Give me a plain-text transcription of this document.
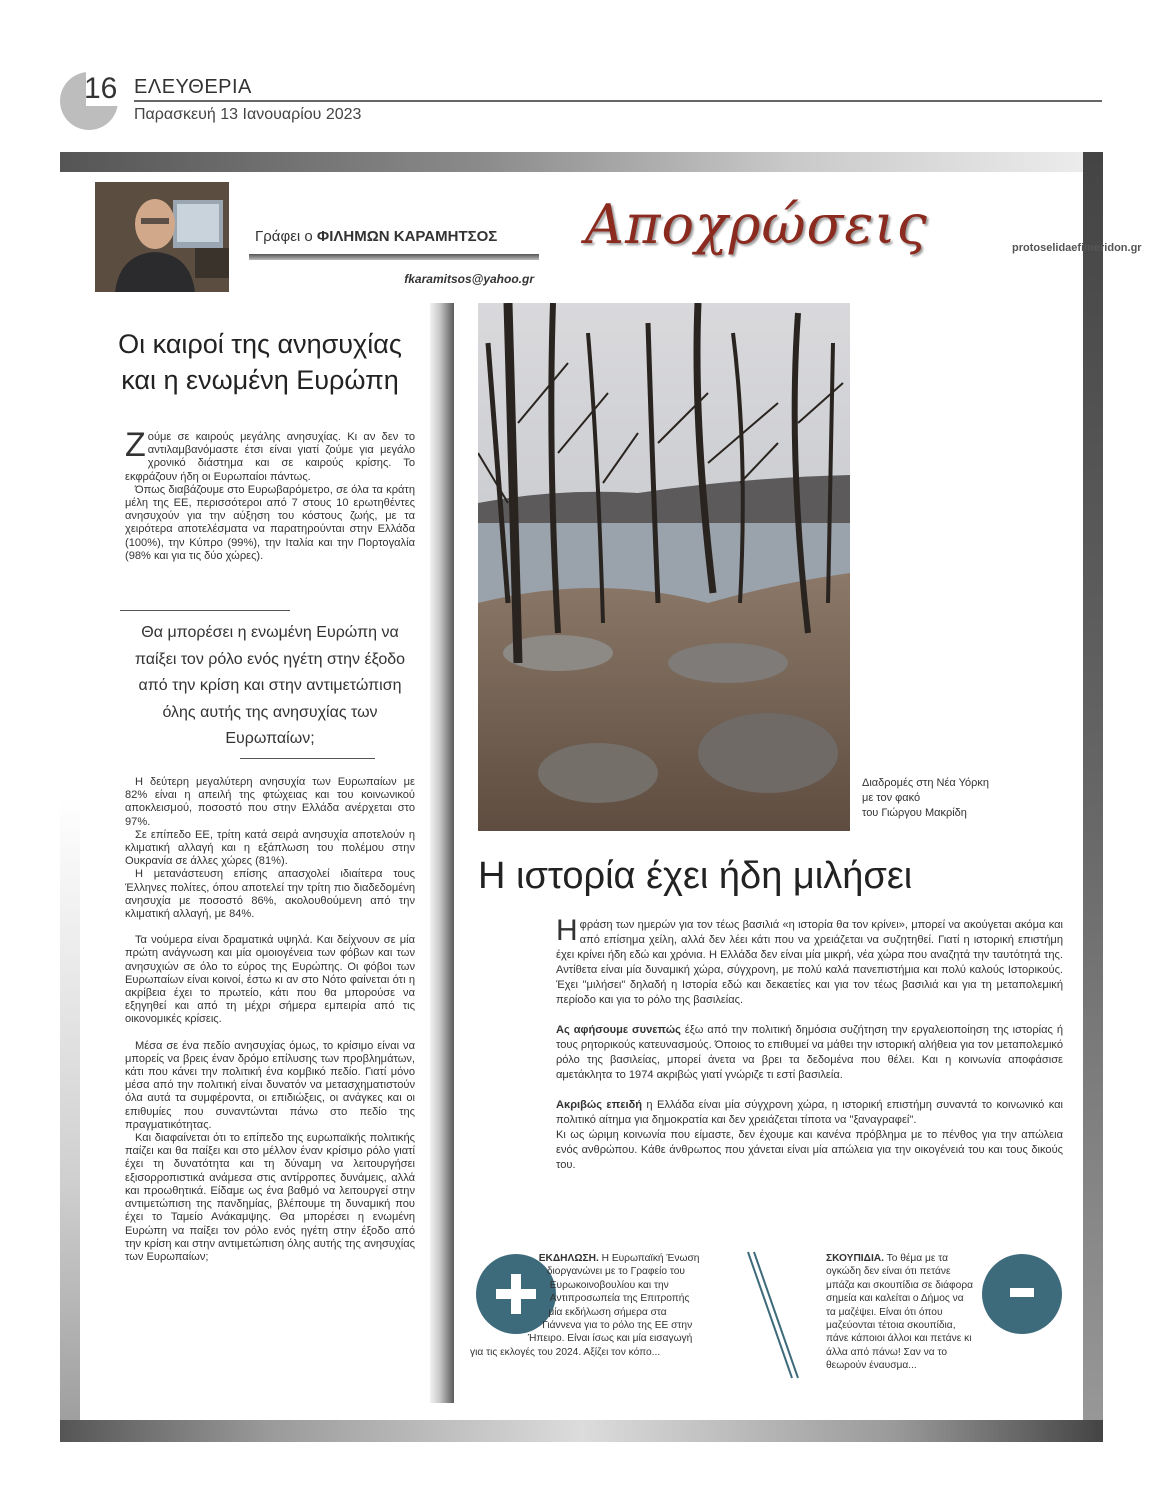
16 ΕΛΕΥΘΕΡΙΑ
Παρασκευή 13 Ιανουαρίου 2023
Γράφει ο ΦΙΛΗΜΩΝ ΚΑΡΑΜΗΤΣΟΣ
fkaramitsos@yahoo.gr
Αποχρώσεις	protoselidaefimeridon.gr
Οι καιροί της ανησυχίας
και η ενωμένη Ευρώπη

Ζούμε σε καιρούς μεγάλης ανησυχίας. Κι αν δεν το αντιλαμβανόμαστε έτσι είναι γιατί ζούμε για μεγάλο χρονικό διάστημα και σε καιρούς κρίσης. Το εκφράζουν ήδη οι Ευρωπαίοι πάντως.

Όπως διαβάζουμε στο Ευρωβαρόμετρο, σε όλα τα κράτη μέλη της ΕΕ, περισσότεροι από 7 στους 10 ερωτηθέντες ανησυχούν για την αύξηση του κόστους ζωής, με τα χειρότερα αποτελέσματα να παρατηρούνται στην Ελλάδα (100%), την Κύπρο (99%), την Ιταλία και την Πορτογαλία (98% και για τις δύο χώρες).

Θα μπορέσει η ενωμένη Ευρώπη να παίξει τον ρόλο ενός ηγέτη στην έξοδο από την κρίση και στην αντιμετώπιση όλης αυτής της ανησυχίας των Ευρωπαίων;

Η δεύτερη μεγαλύτερη ανησυχία των Ευρωπαίων με 82% είναι η απειλή της φτώχειας και του κοινωνικού αποκλεισμού, ποσοστό που στην Ελλάδα ανέρχεται στο 97%.

Σε επίπεδο ΕΕ, τρίτη κατά σειρά ανησυχία αποτελούν η κλιματική αλλαγή και η εξάπλωση του πολέμου στην Ουκρανία σε άλλες χώρες (81%).

Η μετανάστευση επίσης απασχολεί ιδιαίτερα τους Έλληνες πολίτες, όπου αποτελεί την τρίτη πιο διαδεδομένη ανησυχία με ποσοστό 86%, ακολουθούμενη από την κλιματική αλλαγή, με 84%.

Τα νούμερα είναι δραματικά υψηλά. Και δείχνουν σε μία πρώτη ανάγνωση και μία ομοιογένεια των φόβων και των ανησυχιών σε όλο το εύρος της Ευρώπης. Οι φόβοι των Ευρωπαίων είναι κοινοί, έστω κι αν στο Νότο φαίνεται ότι η ακρίβεια έχει το πρωτείο, κάτι που θα μπορούσε να εξηγηθεί και από τη μέχρι σήμερα εμπειρία από τις οικονομικές κρίσεις.

Μέσα σε ένα πεδίο ανησυχίας όμως, το κρίσιμο είναι να μπορείς να βρεις έναν δρόμο επίλυσης των προβλημάτων, κάτι που κάνει την πολιτική ένα κομβικό πεδίο. Γιατί μόνο μέσα από την πολιτική είναι δυνατόν να μετασχηματιστούν όλα αυτά τα συμφέροντα, οι επιδιώξεις, οι ανάγκες και οι επιθυμίες που συναντώνται πάνω στο πεδίο της πραγματικότητας.

Και διαφαίνεται ότι το επίπεδο της ευρωπαϊκής πολιτικής παίζει και θα παίξει και στο μέλλον έναν κρίσιμο ρόλο γιατί έχει τη δυνατότητα και τη δύναμη να λειτουργήσει εξισορροπιστικά ανάμεσα στις αντίρροπες δυνάμεις, αλλά και προωθητικά. Είδαμε ως ένα βαθμό να λειτουργεί στην αντιμετώπιση της πανδημίας, βλέπουμε τη δυναμική που έχει το Ταμείο Ανάκαμψης. Θα μπορέσει η ενωμένη Ευρώπη να παίξει τον ρόλο ενός ηγέτη στην έξοδο από την κρίση και στην αντιμετώπιση όλης αυτής της ανησυχίας των Ευρωπαίων;

Διαδρομές στη Νέα Υόρκη
με τον φακό
του Γιώργου Μακρίδη
Η ιστορία έχει ήδη μιλήσει

Ηφράση των ημερών για τον τέως βασιλιά «η ιστορία θα τον κρίνει», μπορεί να ακούγεται ακόμα και από επίσημα χείλη, αλλά δεν λέει κάτι που να χρειάζεται να συζητηθεί. Γιατί η ιστορική επιστήμη έχει κρίνει ήδη εδώ και χρόνια. Η Ελλάδα δεν είναι μία μικρή, νέα χώρα που αναζητά την ταυτότητά της. Αντίθετα είναι μία δυναμική χώρα, σύγχρονη, με πολύ καλά πανεπιστήμια και πολύ καλούς Ιστορικούς. Έχει "μιλήσει" δηλαδή η Ιστορία εδώ και δεκαετίες και για τον τέως βασιλιά και για τη μεταπολεμική περίοδο και για το ρόλο της βασιλείας.

Ας αφήσουμε συνεπώς έξω από την πολιτική δημόσια συζήτηση την εργαλειοποίηση της ιστορίας ή τους ρητορικούς κατευνασμούς. Όποιος το επιθυμεί να μάθει την ιστορική αλήθεια για τον μεταπολεμικό ρόλο της βασιλείας, μπορεί άνετα να βρει τα δεδομένα που θέλει. Και η κοινωνία αποφάσισε αμετάκλητα το 1974 ακριβώς γιατί γνώριζε τι εστί βασιλεία.

Ακριβώς επειδή η Ελλάδα είναι μία σύγχρονη χώρα, η ιστορική επιστήμη συναντά το κοινωνικό και πολιτικό αίτημα για δημοκρατία και δεν χρειάζεται τίποτα να "ξαναγραφεί".

Κι ως ώριμη κοινωνία που είμαστε, δεν έχουμε και κανένα πρόβλημα με το πένθος για την απώλεια ενός ανθρώπου. Κάθε άνθρωπος που χάνεται είναι μία απώλεια για την οικογένειά του και τους δικούς του.

ΕΚΔΗΛΩΣΗ. Η Ευρωπαϊκή Ένωση διοργανώνει με το Γραφείο του Ευρωκοινοβουλίου και την Αντιπροσωπεία της Επιτροπής μία εκδήλωση σήμερα στα Γιάννενα για το ρόλο της ΕΕ στην Ήπειρο. Είναι ίσως και μία εισαγωγή για τις εκλογές του 2024. Αξίζει τον κόπο...
ΣΚΟΥΠΙΔΙΑ. Το θέμα με τα ογκώδη δεν είναι ότι πετάνε μπάζα και σκουπίδια σε διάφορα σημεία και καλείται ο Δήμος να τα μαζέψει. Είναι ότι όπου μαζεύονται τέτοια σκουπίδια, πάνε κάποιοι άλλοι και πετάνε κι άλλα από πάνω! Σαν να το θεωρούν έναυσμα...
